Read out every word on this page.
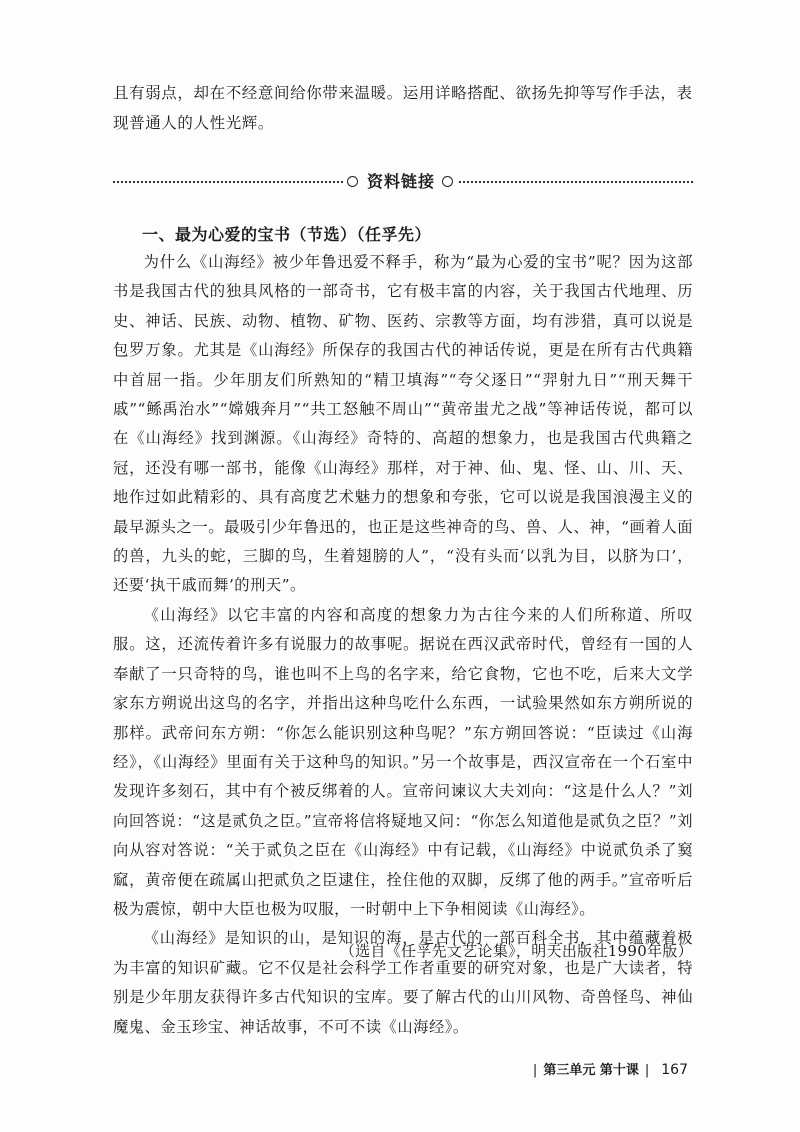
且有弱点，却在不经意间给你带来温暖。运用详略搭配、欲扬先抑等写作手法，表现普通人的人性光辉。

资料链接
一、最为心爱的宝书（节选）（任孚先）

为什么《山海经》被少年鲁迅爱不释手，称为“最为心爱的宝书”呢？因为这部书是我国古代的独具风格的一部奇书，它有极丰富的内容，关于我国古代地理、历史、神话、民族、动物、植物、矿物、医药、宗教等方面，均有涉猎，真可以说是包罗万象。尤其是《山海经》所保存的我国古代的神话传说，更是在所有古代典籍中首屈一指。少年朋友们所熟知的“精卫填海”“夸父逐日”“羿射九日”“刑天舞干戚”“鲧禹治水”“嫦娥奔月”“共工怒触不周山”“黄帝蚩尤之战”等神话传说，都可以在《山海经》找到渊源。《山海经》奇特的、高超的想象力，也是我国古代典籍之冠，还没有哪一部书，能像《山海经》那样，对于神、仙、鬼、怪、山、川、天、地作过如此精彩的、具有高度艺术魅力的想象和夸张，它可以说是我国浪漫主义的最早源头之一。最吸引少年鲁迅的，也正是这些神奇的鸟、兽、人、神，“画着人面的兽，九头的蛇，三脚的鸟，生着翅膀的人”，“没有头而‘以乳为目，以脐为口’，还要‘执干戚而舞’的刑天”。

《山海经》以它丰富的内容和高度的想象力为古往今来的人们所称道、所叹服。这，还流传着许多有说服力的故事呢。据说在西汉武帝时代，曾经有一国的人奉献了一只奇特的鸟，谁也叫不上鸟的名字来，给它食物，它也不吃，后来大文学家东方朔说出这鸟的名字，并指出这种鸟吃什么东西，一试验果然如东方朔所说的那样。武帝问东方朔：“你怎么能识别这种鸟呢？”东方朔回答说：“臣读过《山海经》，《山海经》里面有关于这种鸟的知识。”另一个故事是，西汉宣帝在一个石室中发现许多刻石，其中有个被反绑着的人。宣帝问谏议大夫刘向：“这是什么人？”刘向回答说：“这是贰负之臣。”宣帝将信将疑地又问：“你怎么知道他是贰负之臣？”刘向从容对答说：“关于贰负之臣在《山海经》中有记载，《山海经》中说贰负杀了窫窳，黄帝便在疏属山把贰负之臣逮住，拴住他的双脚，反绑了他的两手。”宣帝听后极为震惊，朝中大臣也极为叹服，一时朝中上下争相阅读《山海经》。

《山海经》是知识的山，是知识的海，是古代的一部百科全书，其中蕴藏着极为丰富的知识矿藏。它不仅是社会科学工作者重要的研究对象，也是广大读者，特别是少年朋友获得许多古代知识的宝库。要了解古代的山川风物、奇兽怪鸟、神仙魔鬼、金玉珍宝、神话故事，不可不读《山海经》。

（选自《任孚先文艺论集》，明天出版社1990年版）

| 第三单元 第十课 | 167
